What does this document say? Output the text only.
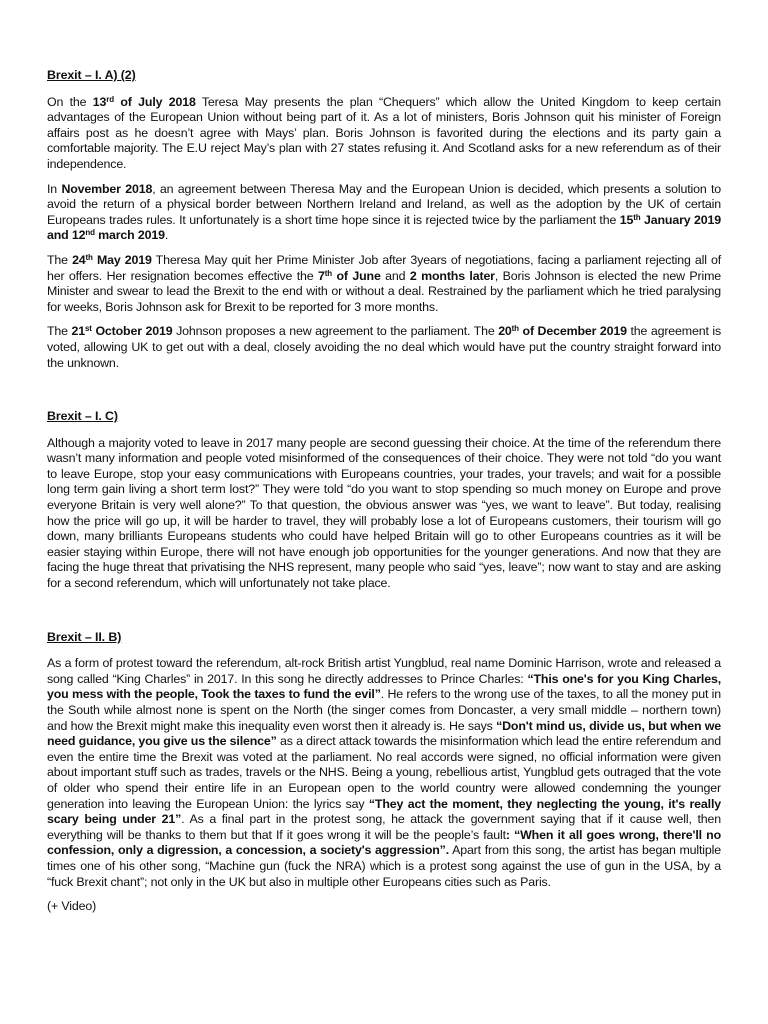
Brexit – I. A) (2)

On the 13rd of July 2018 Teresa May presents the plan “Chequers” which allow the United Kingdom to keep certain advantages of the European Union without being part of it. As a lot of ministers, Boris Johnson quit his minister of Foreign affairs post as he doesn’t agree with Mays’ plan. Boris Johnson is favorited during the elections and its party gain a comfortable majority. The E.U reject May’s plan with 27 states refusing it. And Scotland asks for a new referendum as of their independence.

In November 2018, an agreement between Theresa May and the European Union is decided, which presents a solution to avoid the return of a physical border between Northern Ireland and Ireland, as well as the adoption by the UK of certain Europeans trades rules. It unfortunately is a short time hope since it is rejected twice by the parliament the 15th January 2019 and 12nd march 2019.

The 24th May 2019 Theresa May quit her Prime Minister Job after 3years of negotiations, facing a parliament rejecting all of her offers. Her resignation becomes effective the 7th of June and 2 months later, Boris Johnson is elected the new Prime Minister and swear to lead the Brexit to the end with or without a deal. Restrained by the parliament which he tried paralysing for weeks, Boris Johnson ask for Brexit to be reported for 3 more months.

The 21st October 2019 Johnson proposes a new agreement to the parliament. The 20th of December 2019 the agreement is voted, allowing UK to get out with a deal, closely avoiding the no deal which would have put the country straight forward into the unknown.

Brexit – I. C)

Although a majority voted to leave in 2017 many people are second guessing their choice. At the time of the referendum there wasn’t many information and people voted misinformed of the consequences of their choice. They were not told “do you want to leave Europe, stop your easy communications with Europeans countries, your trades, your travels; and wait for a possible long term gain living a short term lost?” They were told “do you want to stop spending so much money on Europe and prove everyone Britain is very well alone?” To that question, the obvious answer was “yes, we want to leave”. But today, realising how the price will go up, it will be harder to travel, they will probably lose a lot of Europeans customers, their tourism will go down, many brilliants Europeans students who could have helped Britain will go to other Europeans countries as it will be easier staying within Europe, there will not have enough job opportunities for the younger generations. And now that they are facing the huge threat that privatising the NHS represent, many people who said “yes, leave”; now want to stay and are asking for a second referendum, which will unfortunately not take place.

Brexit – II. B)

As a form of protest toward the referendum, alt-rock British artist Yungblud, real name Dominic Harrison, wrote and released a song called “King Charles” in 2017. In this song he directly addresses to Prince Charles: “This one's for you King Charles, you mess with the people, Took the taxes to fund the evil”. He refers to the wrong use of the taxes, to all the money put in the South while almost none is spent on the North (the singer comes from Doncaster, a very small middle – northern town) and how the Brexit might make this inequality even worst then it already is. He says “Don't mind us, divide us, but when we need guidance, you give us the silence” as a direct attack towards the misinformation which lead the entire referendum and even the entire time the Brexit was voted at the parliament. No real accords were signed, no official information were given about important stuff such as trades, travels or the NHS. Being a young, rebellious artist, Yungblud gets outraged that the vote of older who spend their entire life in an European open to the world country were allowed condemning the younger generation into leaving the European Union: the lyrics say “They act the moment, they neglecting the young, it's really scary being under 21”. As a final part in the protest song, he attack the government saying that if it cause well, then everything will be thanks to them but that If it goes wrong it will be the people’s fault: “When it all goes wrong, there'll no confession, only a digression, a concession, a society's aggression”. Apart from this song, the artist has began multiple times one of his other song, “Machine gun (fuck the NRA) which is a protest song against the use of gun in the USA, by a “fuck Brexit chant”; not only in the UK but also in multiple other Europeans cities such as Paris.

(+ Video)
